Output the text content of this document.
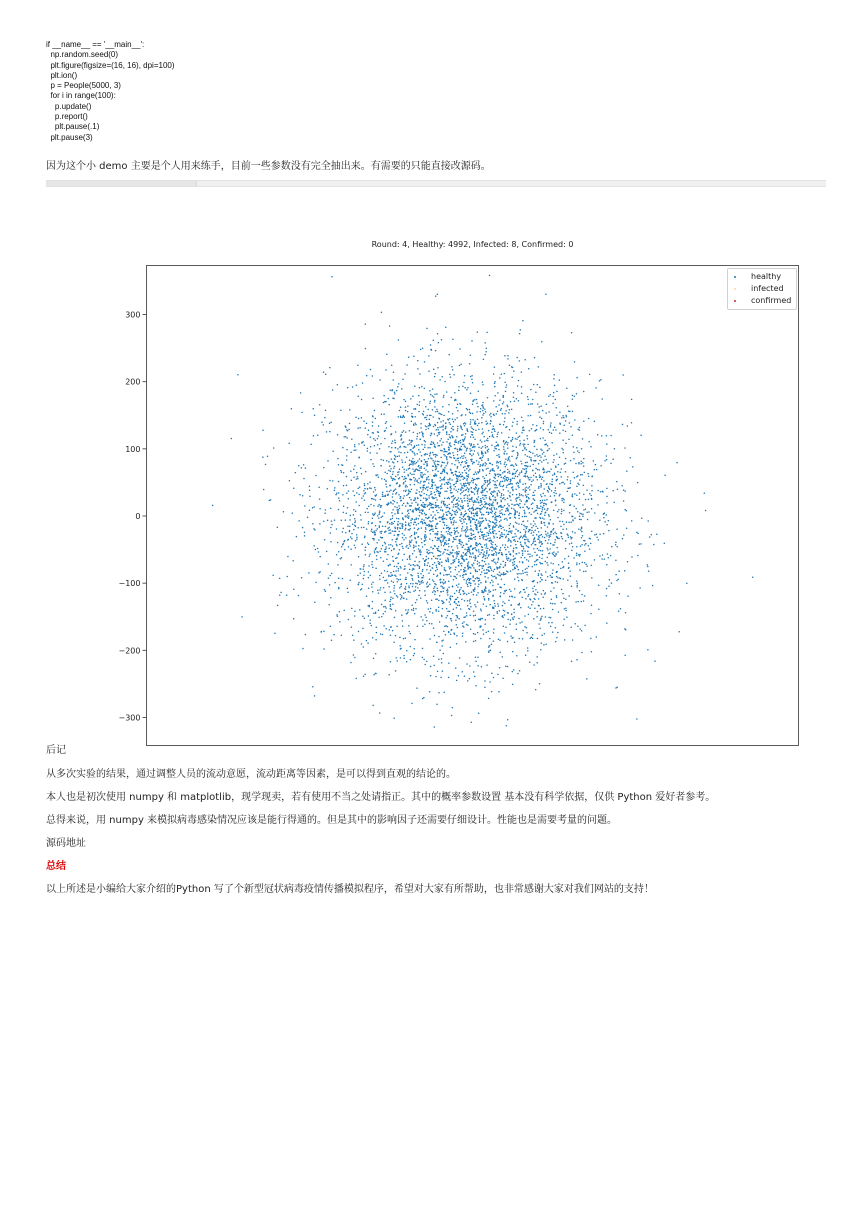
if __name__ == '__main__':
np.random.seed(0)
plt.figure(figsize=(16, 16), dpi=100)
plt.ion()
p = People(5000, 3)
for i in range(100):
p.update()
p.report()
plt.pause(.1)
plt.pause(3)
因为这个小 demo 主要是个人用来练手，目前一些参数没有完全抽出来。有需要的只能直接改源码。
Round: 4, Healthy: 4992, Infected: 8, Confirmed: 0
300
200
100
0
−100
−200
−300
healthy
infected
confirmed
后记
从多次实验的结果，通过调整人员的流动意愿，流动距离等因素，是可以得到直观的结论的。
本人也是初次使用 numpy 和 matplotlib，现学现卖，若有使用不当之处请指正。其中的概率参数设置 基本没有科学依据，仅供 Python 爱好者参考。
总得来说，用 numpy 来模拟病毒感染情况应该是能行得通的。但是其中的影响因子还需要仔细设计。性能也是需要考量的问题。
源码地址
总结
以上所述是小编给大家介绍的Python 写了个新型冠状病毒疫情传播模拟程序，希望对大家有所帮助，也非常感谢大家对我们网站的支持！
